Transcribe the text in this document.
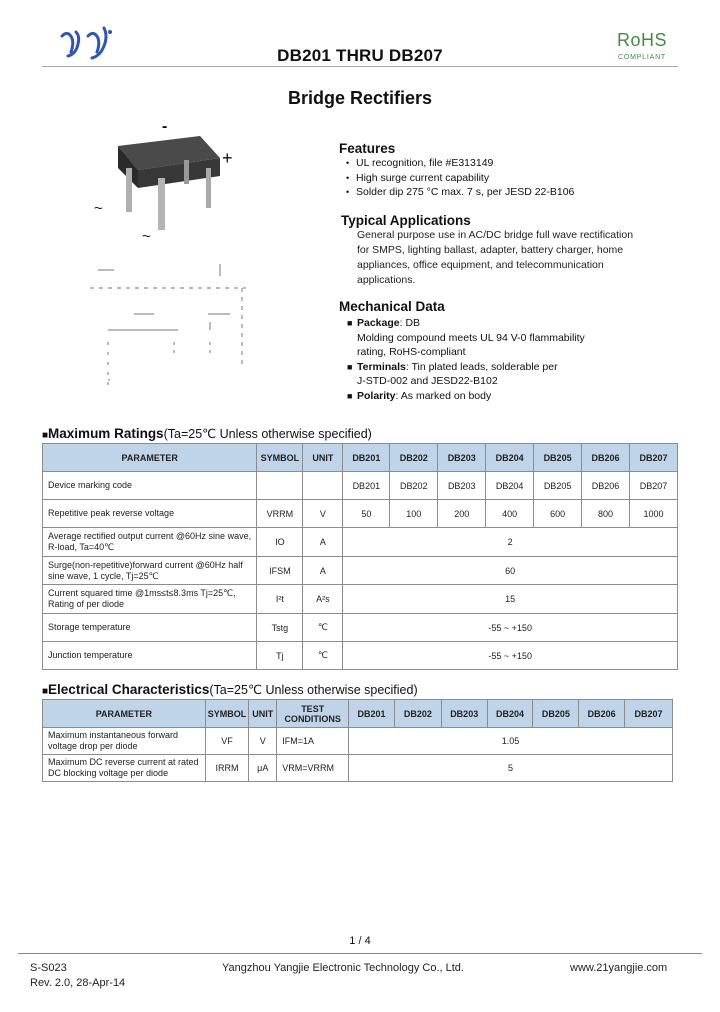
DB201 THRU DB207
RoHS
COMPLIANT
Bridge Rectifiers
-
+
~
~
Features
• UL recognition, file #E313149
• High surge current capability
• Solder dip 275 °C max. 7 s, per JESD 22-B106
Typical Applications
General purpose use in AC/DC bridge full wave rectification
for SMPS, lighting ballast, adapter, battery charger, home
appliances, office equipment, and telecommunication
applications.
Mechanical Data
■ Package: DB
Molding compound meets UL 94 V-0 flammability
rating, RoHS-compliant
■ Terminals: Tin plated leads, solderable per
J-STD-002 and JESD22-B102
■ Polarity: As marked on body
■Maximum Ratings(Ta=25℃ Unless otherwise specified)
PARAMETER	SYMBOL	UNIT	DB201	DB202	DB203	DB204	DB205	DB206	DB207
Device marking code			DB201	DB202	DB203	DB204	DB205	DB206	DB207
Repetitive peak reverse voltage	VRRM	V	50	100	200	400	600	800	1000
Average rectified output current @60Hz sine wave, R-load, Ta=40℃	IO	A	2						
Surge(non-repetitive)forward current @60Hz half sine wave, 1 cycle, Tj=25℃	IFSM	A	60						
Current squared time @1ms≤t≤8.3ms Tj=25℃, Rating of per diode	I²t	A²s	15						
Storage temperature	Tstg	℃	-55 ~ +150						
Junction temperature	Tj	℃	-55 ~ +150						
■Electrical Characteristics(Ta=25℃ Unless otherwise specified)
PARAMETER	SYMBOL	UNIT	TEST CONDITIONS	DB201	DB202	DB203	DB204	DB205	DB206	DB207
Maximum instantaneous forward voltage drop per diode	VF	V	IFM=1A	1.05						
Maximum DC reverse current at rated DC blocking voltage per diode	IRRM	μA	VRM=VRRM	5						
1 / 4
S-S023
Rev. 2.0, 28-Apr-14
Yangzhou Yangjie Electronic Technology Co., Ltd.	www.21yangjie.com
